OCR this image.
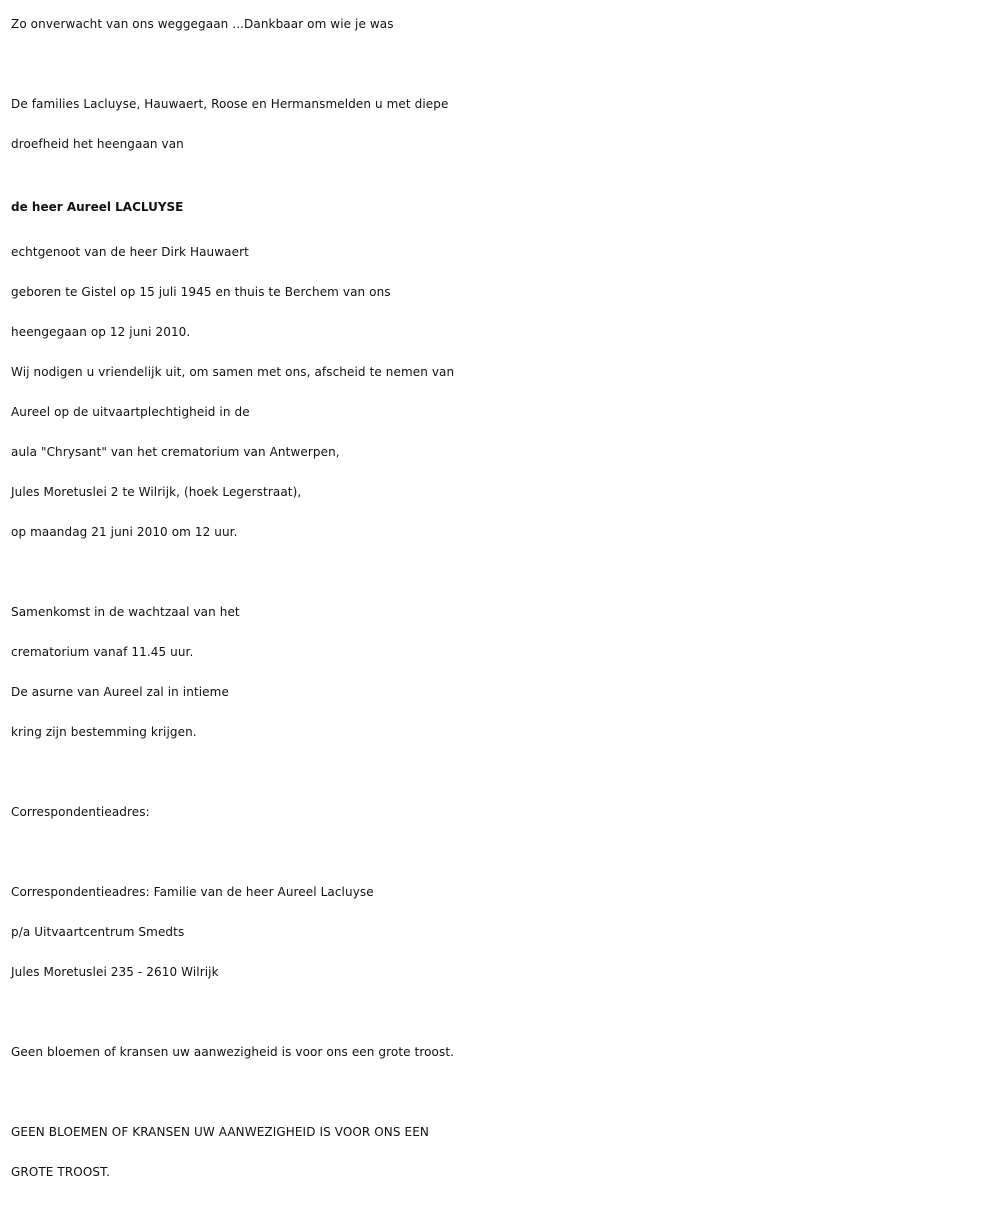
Zo onverwacht van ons weggegaan ...Dankbaar om wie je was
De families Lacluyse, Hauwaert, Roose en Hermansmelden u met diepe
droefheid het heengaan van
de heer Aureel LACLUYSE
echtgenoot van de heer Dirk Hauwaert
geboren te Gistel op 15 juli 1945 en thuis te Berchem van ons
heengegaan op 12 juni 2010.
Wij nodigen u vriendelijk uit, om samen met ons, afscheid te nemen van
Aureel op de uitvaartplechtigheid in de
aula "Chrysant" van het crematorium van Antwerpen,
Jules Moretuslei 2 te Wilrijk, (hoek Legerstraat),
op maandag 21 juni 2010 om 12 uur.
Samenkomst in de wachtzaal van het
crematorium vanaf 11.45 uur.
De asurne van Aureel zal in intieme
kring zijn bestemming krijgen.
Correspondentieadres:
Correspondentieadres: Familie van de heer Aureel Lacluyse
p/a Uitvaartcentrum Smedts
Jules Moretuslei 235 - 2610 Wilrijk
Geen bloemen of kransen uw aanwezigheid is voor ons een grote troost.
GEEN BLOEMEN OF KRANSEN UW AANWEZIGHEID IS VOOR ONS EEN
GROTE TROOST.
